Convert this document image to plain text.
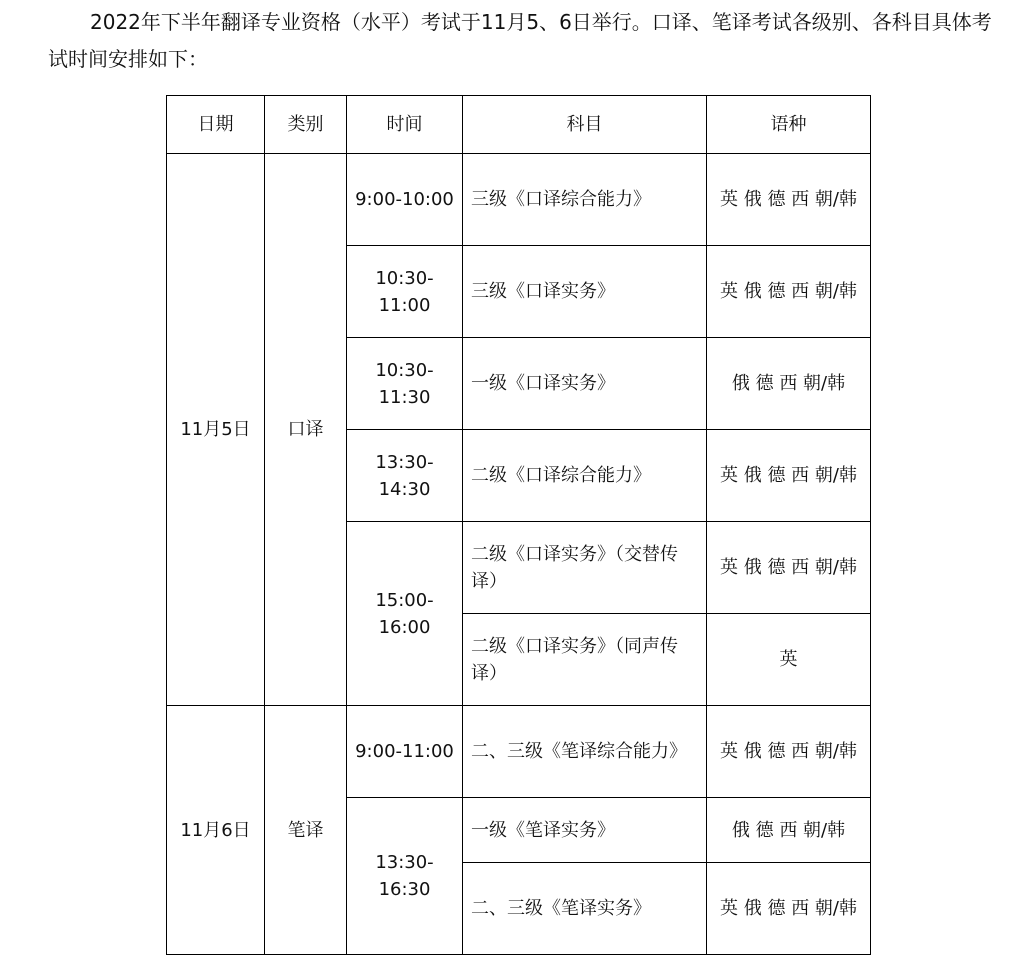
2022年下半年翻译专业资格（水平）考试于11月5、6日举行。口译、笔译考试各级别、各科目具体考试时间安排如下：

日期	类别	时间	科目	语种
11月5日	口译	9:00-10:00	三级《口译综合能力》	英 俄 德 西 朝/韩
		10:30-11:00	三级《口译实务》	英 俄 德 西 朝/韩
		10:30-11:30	一级《口译实务》	俄 德 西 朝/韩
		13:30-14:30	二级《口译综合能力》	英 俄 德 西 朝/韩
		15:00-16:00	二级《口译实务》（交替传译）	英 俄 德 西 朝/韩
			二级《口译实务》（同声传译）	英
11月6日	笔译	9:00-11:00	二、三级《笔译综合能力》	英 俄 德 西 朝/韩
		13:30-16:30	一级《笔译实务》	俄 德 西 朝/韩
			二、三级《笔译实务》	英 俄 德 西 朝/韩
